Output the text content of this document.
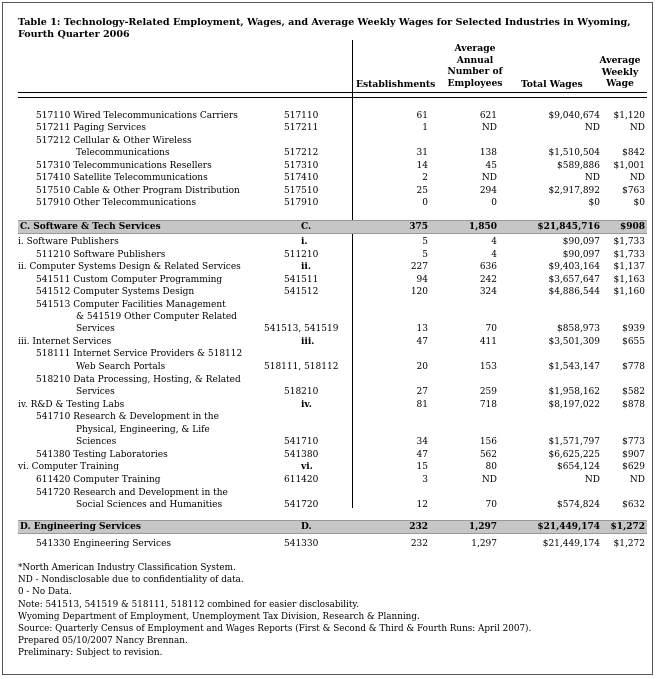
Table 1: Technology-Related Employment, Wages, and Average Weekly Wages for Selected Industries in Wyoming, Fourth Quarter 2006
Establishments
Average
Annual
Number of
Employees	Total Wages
Average
Weekly
Wage
517110 Wired Telecommunications Carriers	517110	61	621	$9,040,674 $1,120
517211 Paging Services	517211	1	ND	ND	ND
517212 Cellular & Other Wireless
Telecommunications	517212	31	138	$1,510,504 $842
517310 Telecommunications Resellers	517310	14	45	$589,886 $1,001
517410 Satellite Telecommunications	517410	2	ND	ND	ND
517510 Cable & Other Program Distribution	517510	25	294	$2,917,892 $763
517910 Other Telecommunications	517910	0	0	$0	$0
C. Software & Tech Services	C.	375	1,850	$21,845,716 $908
i. Software Publishers	i.	5	4	$90,097 $1,733
511210 Software Publishers	511210	5	4	$90,097 $1,733
ii. Computer Systems Design & Related Services	ii.	227	636	$9,403,164 $1,137
541511 Custom Computer Programming	541511	94	242	$3,657,647 $1,163
541512 Computer Systems Design	541512	120	324	$4,886,544 $1,160
541513 Computer Facilities Management
& 541519 Other Computer Related
Services	541513, 541519	13	70	$858,973 $939
iii. Internet Services	iii.	47	411	$3,501,309 $655
518111 Internet Service Providers & 518112
Web Search Portals	518111, 518112	20	153	$1,543,147 $778
518210 Data Processing, Hosting, & Related
Services	518210	27	259	$1,958,162 $582
iv. R&D & Testing Labs	iv.	81	718	$8,197,022 $878
541710 Research & Development in the
Physical, Engineering, & Life
Sciences	541710	34	156	$1,571,797 $773
541380 Testing Laboratories	541380	47	562	$6,625,225 $907
vi. Computer Training	vi.	15	80	$654,124 $629
611420 Computer Training	611420	3	ND	ND	ND
541720 Research and Development in the
Social Sciences and Humanities	541720	12	70	$574,824 $632
D. Engineering Services	D.	232	1,297	$21,449,174 $1,272
541330 Engineering Services	541330	232	1,297	$21,449,174 $1,272
*North American Industry Classification System.
ND - Nondisclosable due to confidentiality of data.
0 - No Data.
Note: 541513, 541519 & 518111, 518112 combined for easier disclosability.
Wyoming Department of Employment, Unemployment Tax Division, Research & Planning.
Source: Quarterly Census of Employment and Wages Reports (First & Second & Third & Fourth Runs: April 2007).
Prepared 05/10/2007 Nancy Brennan.
Preliminary: Subject to revision.
